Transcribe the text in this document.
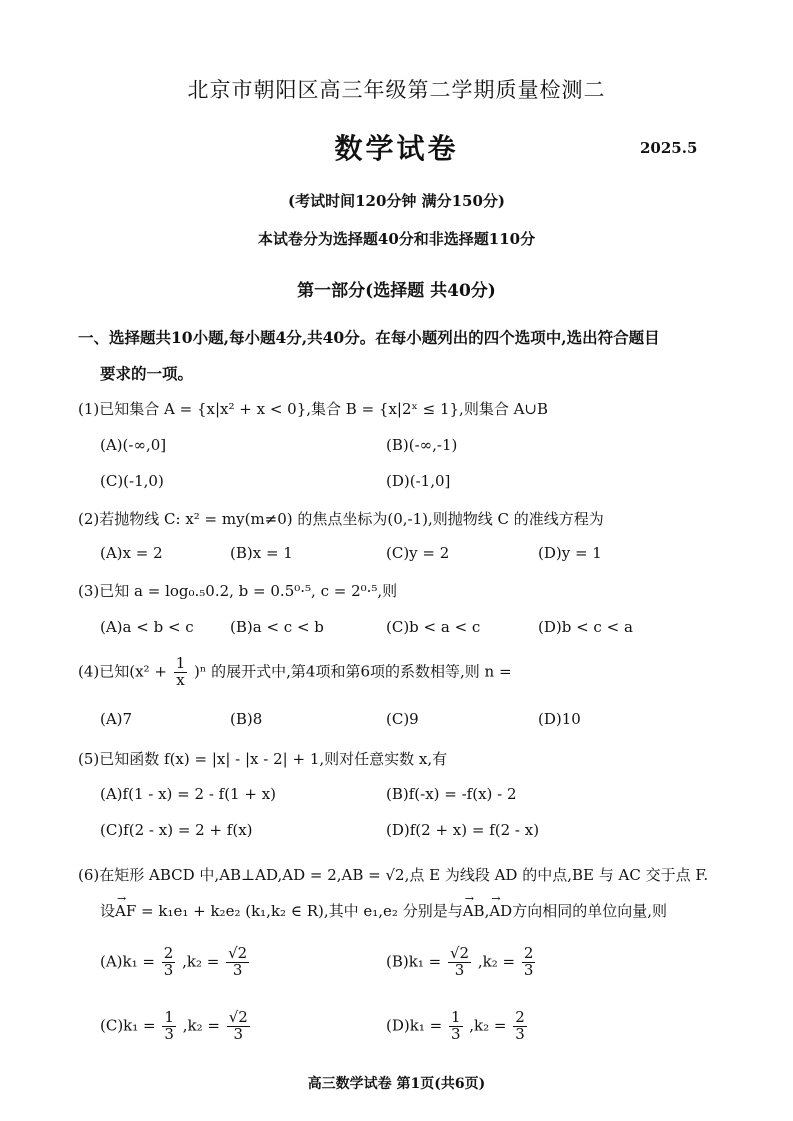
北京市朝阳区高三年级第二学期质量检测二
数学试卷	2025.5
(考试时间120分钟 满分150分)
本试卷分为选择题40分和非选择题110分
第一部分(选择题 共40分)
一、选择题共10小题,每小题4分,共40分。在每小题列出的四个选项中,选出符合题目
要求的一项。
(1)已知集合 A = {x|x² + x < 0},集合 B = {x|2ˣ ≤ 1},则集合 A∪B
(A)(-∞,0]	(B)(-∞,-1)
(C)(-1,0)	(D)(-1,0]
(2)若抛物线 C: x² = my(m≠0) 的焦点坐标为(0,-1),则抛物线 C 的准线方程为
(A)x = 2	(B)x = 1	(C)y = 2	(D)y = 1
(3)已知 a = log₀.₅0.2, b = 0.5⁰·⁵, c = 2⁰·⁵,则
(A)a < b < c (B)a < c < b	(C)b < a < c	(D)b < c < a
(4)已知$(x^2 + \frac{1}{x} )^n$ 的展开式中,第4项和第6项的系数相等,则 n =
(A)7	(B)8	(C)9	(D)10
(5)已知函数 f(x) = |x| - |x - 2| + 1,则对任意实数 x,有
(A)f(1 - x) = 2 - f(1 + x)	(B)f(-x) = -f(x) - 2
(C)f(2 - x) = 2 + f(x)	(D)f(2 + x) = f(2 - x)
(6)在矩形 ABCD 中,AB⊥AD,AD = 2,AB = √2,点 E 为线段 AD 的中点,BE 与 AC 交于点 F.
设→ AF = k₁e₁ + k₂e₂ (k₁,k₂ ∈ R),其中 e₁,e₂ 分别是与→ AB,→ AD方向相同的单位向量,则
$(A)k_1 = \frac{2}{3} ,k_2 = \frac{√2}{3}$	$(B)k_1 = \frac{√2}{3} ,k_2 = \frac{2}{3}$
$(C)k_1 = \frac{1}{3} ,k_2 = \frac{√2}{3}$	$(D)k_1 = \frac{1}{3} ,k_2 = \frac{2}{3}$
高三数学试卷 第1页(共6页)
